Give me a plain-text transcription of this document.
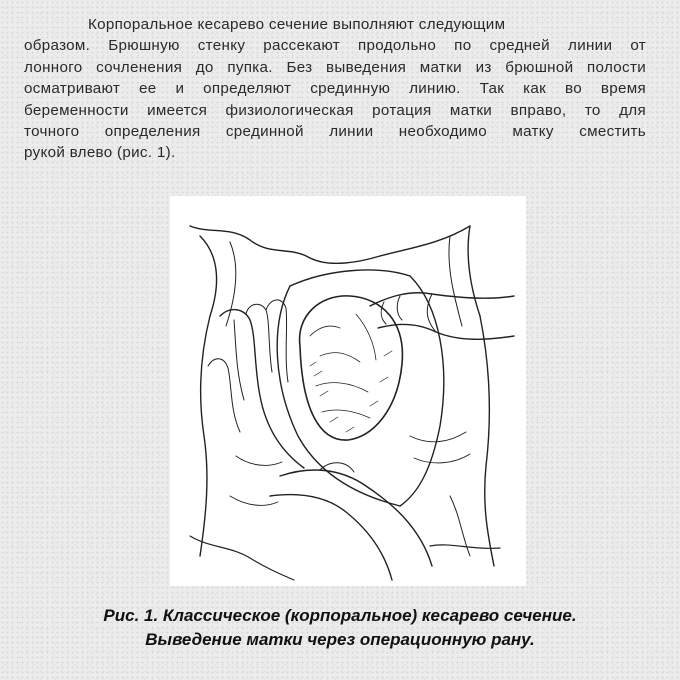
Корпоральное кесарево сечение выполняют следующим
образом. Брюшную стенку рассекают продольно по средней линии от
лонного сочленения до пупка. Без выведения матки из брюшной полости
осматривают ее и определяют срединную линию. Так как во время
беременности имеется физиологическая ротация матки вправо, то для
точного определения срединной линии необходимо матку сместить
рукой влево (рис. 1).
Рис. 1. Классическое (корпоральное) кесарево сечение.
Выведение матки через операционную рану.
